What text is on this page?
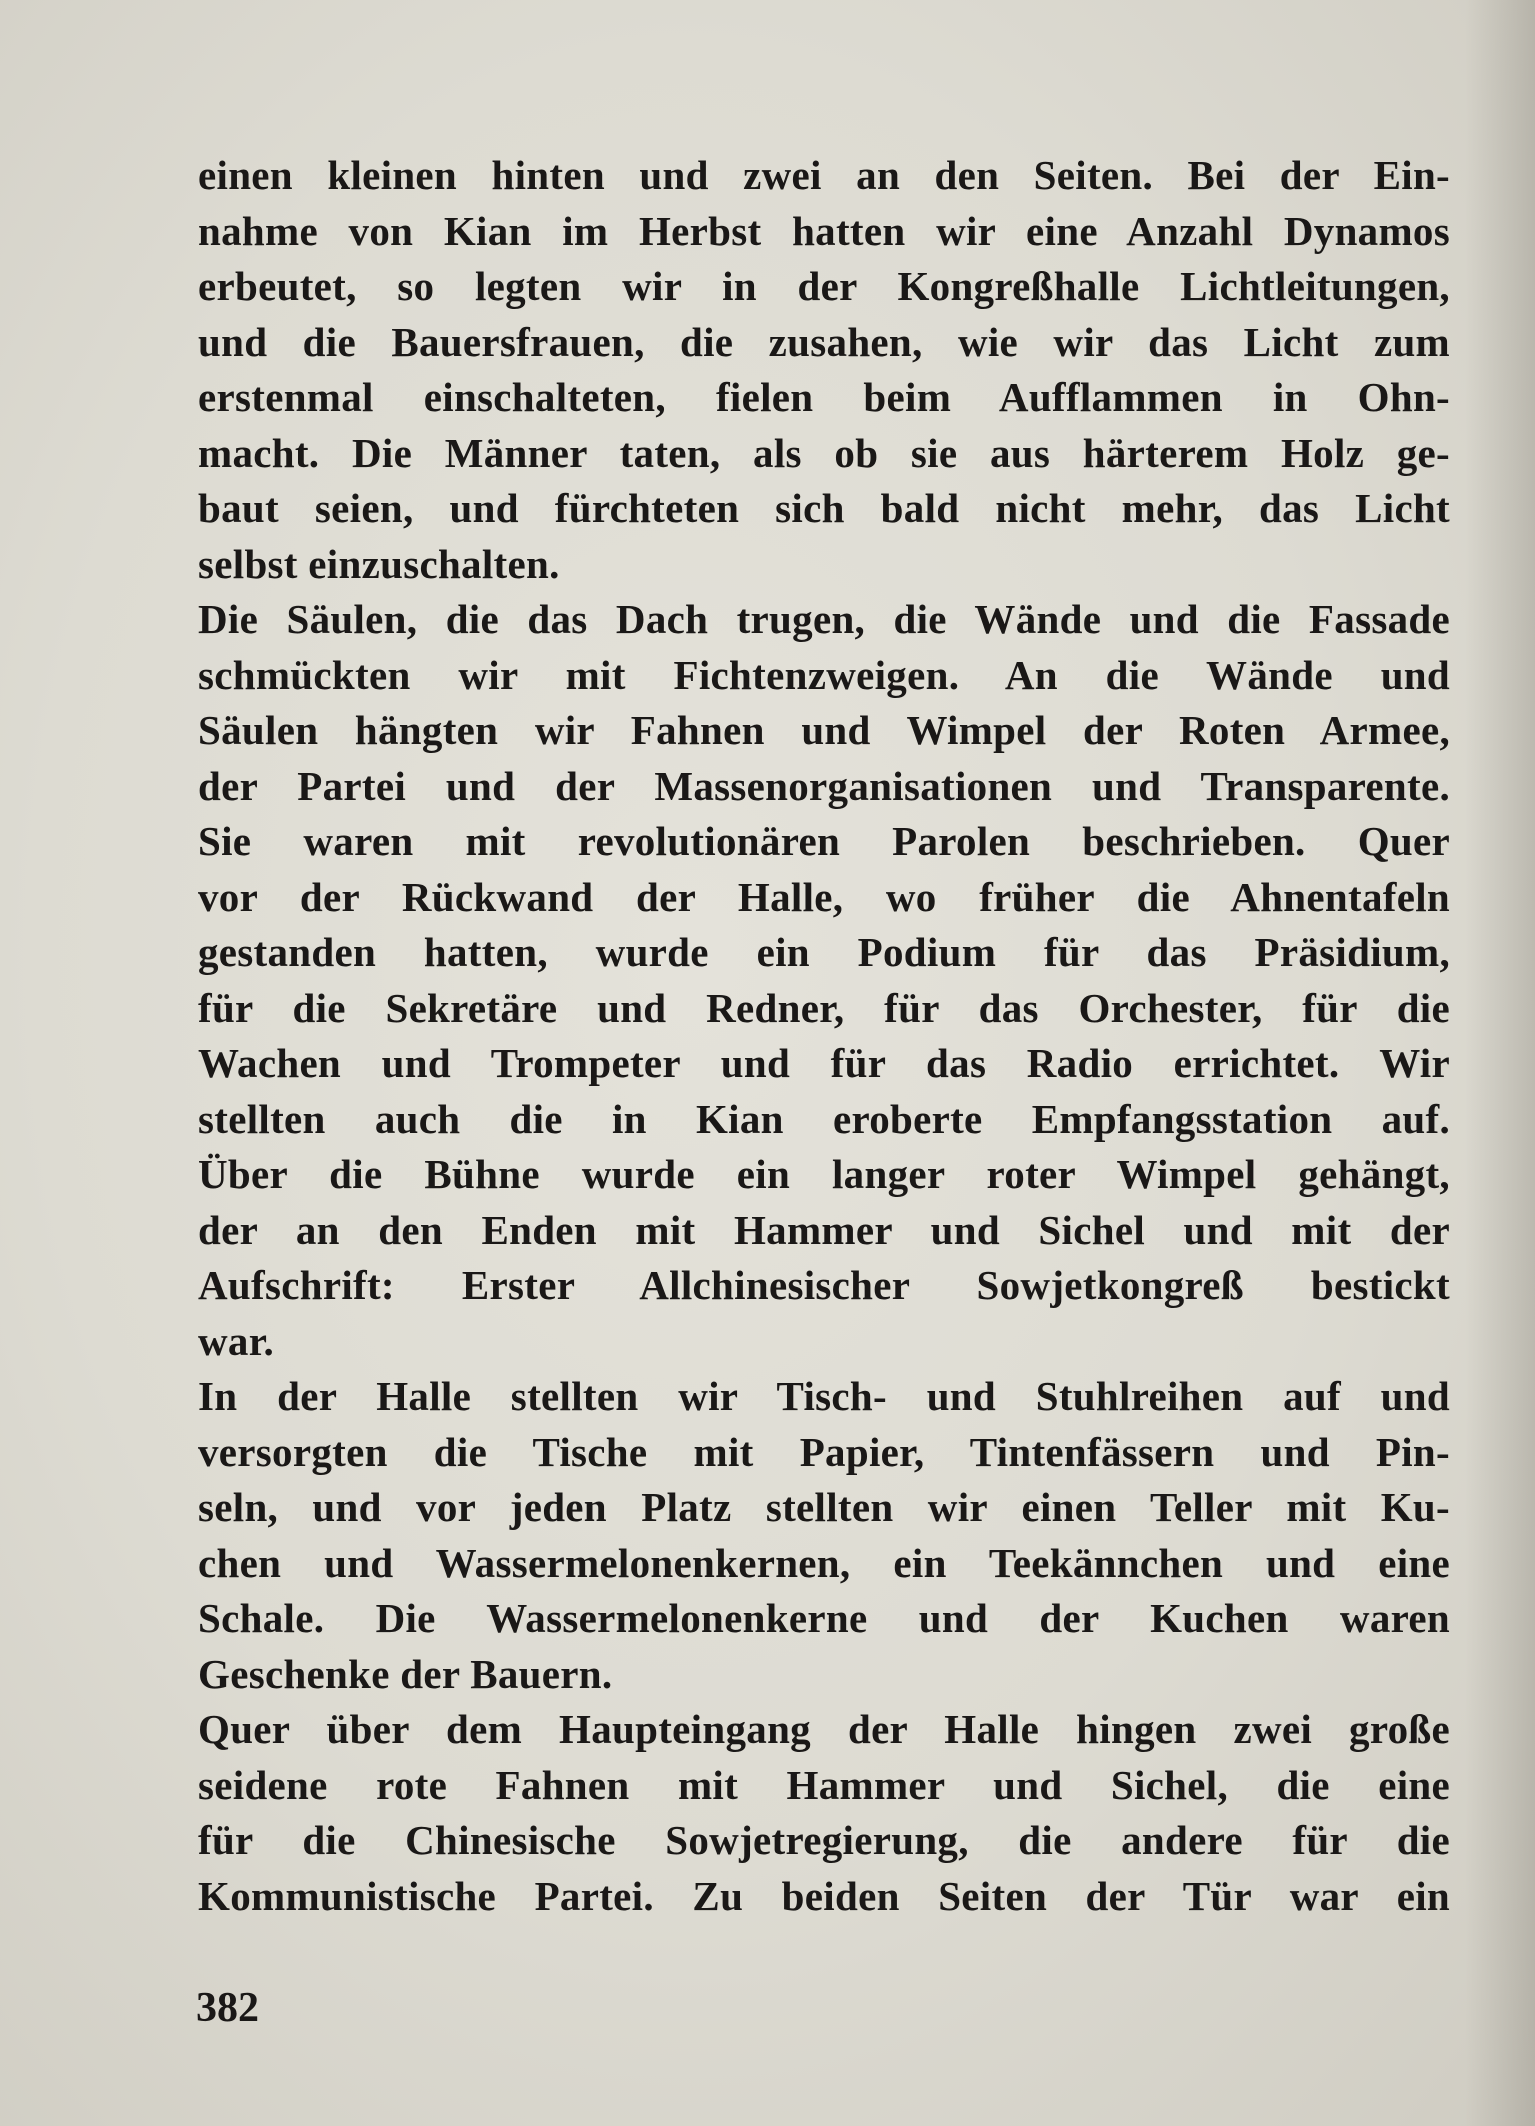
einen kleinen hinten und zwei an den Seiten. Bei der Ein-
nahme von Kian im Herbst hatten wir eine Anzahl Dynamos
erbeutet, so legten wir in der Kongreßhalle Lichtleitungen,
und die Bauersfrauen, die zusahen, wie wir das Licht zum
erstenmal einschalteten, fielen beim Aufflammen in Ohn-
macht. Die Männer taten, als ob sie aus härterem Holz ge-
baut seien, und fürchteten sich bald nicht mehr, das Licht
selbst einzuschalten.
Die Säulen, die das Dach trugen, die Wände und die Fassade
schmückten wir mit Fichtenzweigen. An die Wände und
Säulen hängten wir Fahnen und Wimpel der Roten Armee,
der Partei und der Massenorganisationen und Transparente.
Sie waren mit revolutionären Parolen beschrieben. Quer
vor der Rückwand der Halle, wo früher die Ahnentafeln
gestanden hatten, wurde ein Podium für das Präsidium,
für die Sekretäre und Redner, für das Orchester, für die
Wachen und Trompeter und für das Radio errichtet. Wir
stellten auch die in Kian eroberte Empfangsstation auf.
Über die Bühne wurde ein langer roter Wimpel gehängt,
der an den Enden mit Hammer und Sichel und mit der
Aufschrift: Erster Allchinesischer Sowjetkongreß bestickt
war.
In der Halle stellten wir Tisch- und Stuhlreihen auf und
versorgten die Tische mit Papier, Tintenfässern und Pin-
seln, und vor jeden Platz stellten wir einen Teller mit Ku-
chen und Wassermelonenkernen, ein Teekännchen und eine
Schale. Die Wassermelonenkerne und der Kuchen waren
Geschenke der Bauern.
Quer über dem Haupteingang der Halle hingen zwei große
seidene rote Fahnen mit Hammer und Sichel, die eine
für die Chinesische Sowjetregierung, die andere für die
Kommunistische Partei. Zu beiden Seiten der Tür war ein
382
